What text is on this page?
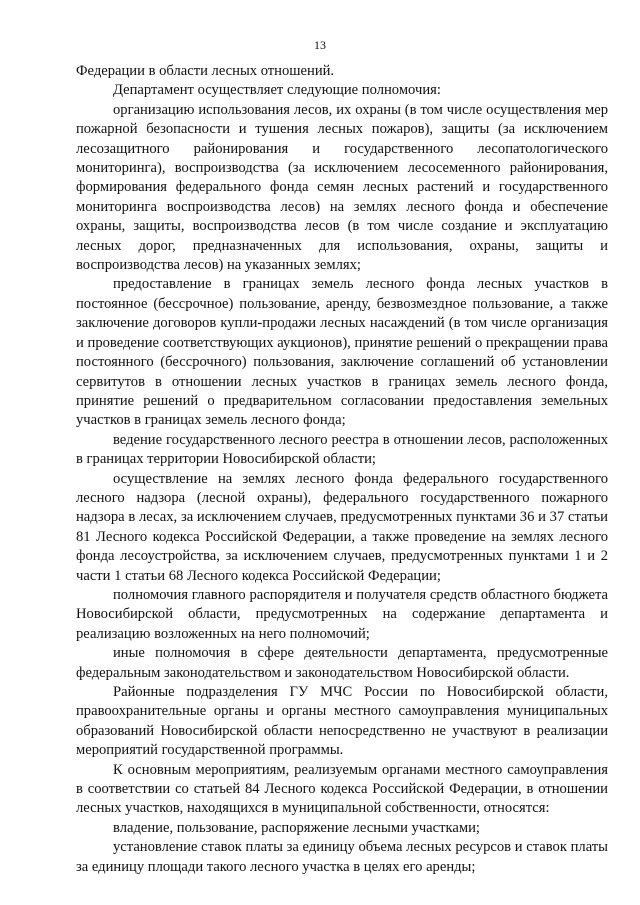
13

Федерации в области лесных отношений.

Департамент осуществляет следующие полномочия:

организацию использования лесов, их охраны (в том числе осуществления мер пожарной безопасности и тушения лесных пожаров), защиты (за исключением лесозащитного районирования и государственного лесопатологического мониторинга), воспроизводства (за исключением лесосеменного районирования, формирования федерального фонда семян лесных растений и государственного мониторинга воспроизводства лесов) на землях лесного фонда и обеспечение охраны, защиты, воспроизводства лесов (в том числе создание и эксплуатацию лесных дорог, предназначенных для использования, охраны, защиты и воспроизводства лесов) на указанных землях;

предоставление в границах земель лесного фонда лесных участков в постоянное (бессрочное) пользование, аренду, безвозмездное пользование, а также заключение договоров купли-продажи лесных насаждений (в том числе организация и проведение соответствующих аукционов), принятие решений о прекращении права постоянного (бессрочного) пользования, заключение соглашений об установлении сервитутов в отношении лесных участков в границах земель лесного фонда, принятие решений о предварительном согласовании предоставления земельных участков в границах земель лесного фонда;

ведение государственного лесного реестра в отношении лесов, расположенных в границах территории Новосибирской области;

осуществление на землях лесного фонда федерального государственного лесного надзора (лесной охраны), федерального государственного пожарного надзора в лесах, за исключением случаев, предусмотренных пунктами 36 и 37 статьи 81 Лесного кодекса Российской Федерации, а также проведение на землях лесного фонда лесоустройства, за исключением случаев, предусмотренных пунктами 1 и 2 части 1 статьи 68 Лесного кодекса Российской Федерации;

полномочия главного распорядителя и получателя средств областного бюджета Новосибирской области, предусмотренных на содержание департамента и реализацию возложенных на него полномочий;

иные полномочия в сфере деятельности департамента, предусмотренные федеральным законодательством и законодательством Новосибирской области.

Районные подразделения ГУ МЧС России по Новосибирской области, правоохранительные органы и органы местного самоуправления муниципальных образований Новосибирской области непосредственно не участвуют в реализации мероприятий государственной программы.

К основным мероприятиям, реализуемым органами местного самоуправления в соответствии со статьей 84 Лесного кодекса Российской Федерации, в отношении лесных участков, находящихся в муниципальной собственности, относятся:

владение, пользование, распоряжение лесными участками;

установление ставок платы за единицу объема лесных ресурсов и ставок платы за единицу площади такого лесного участка в целях его аренды;
